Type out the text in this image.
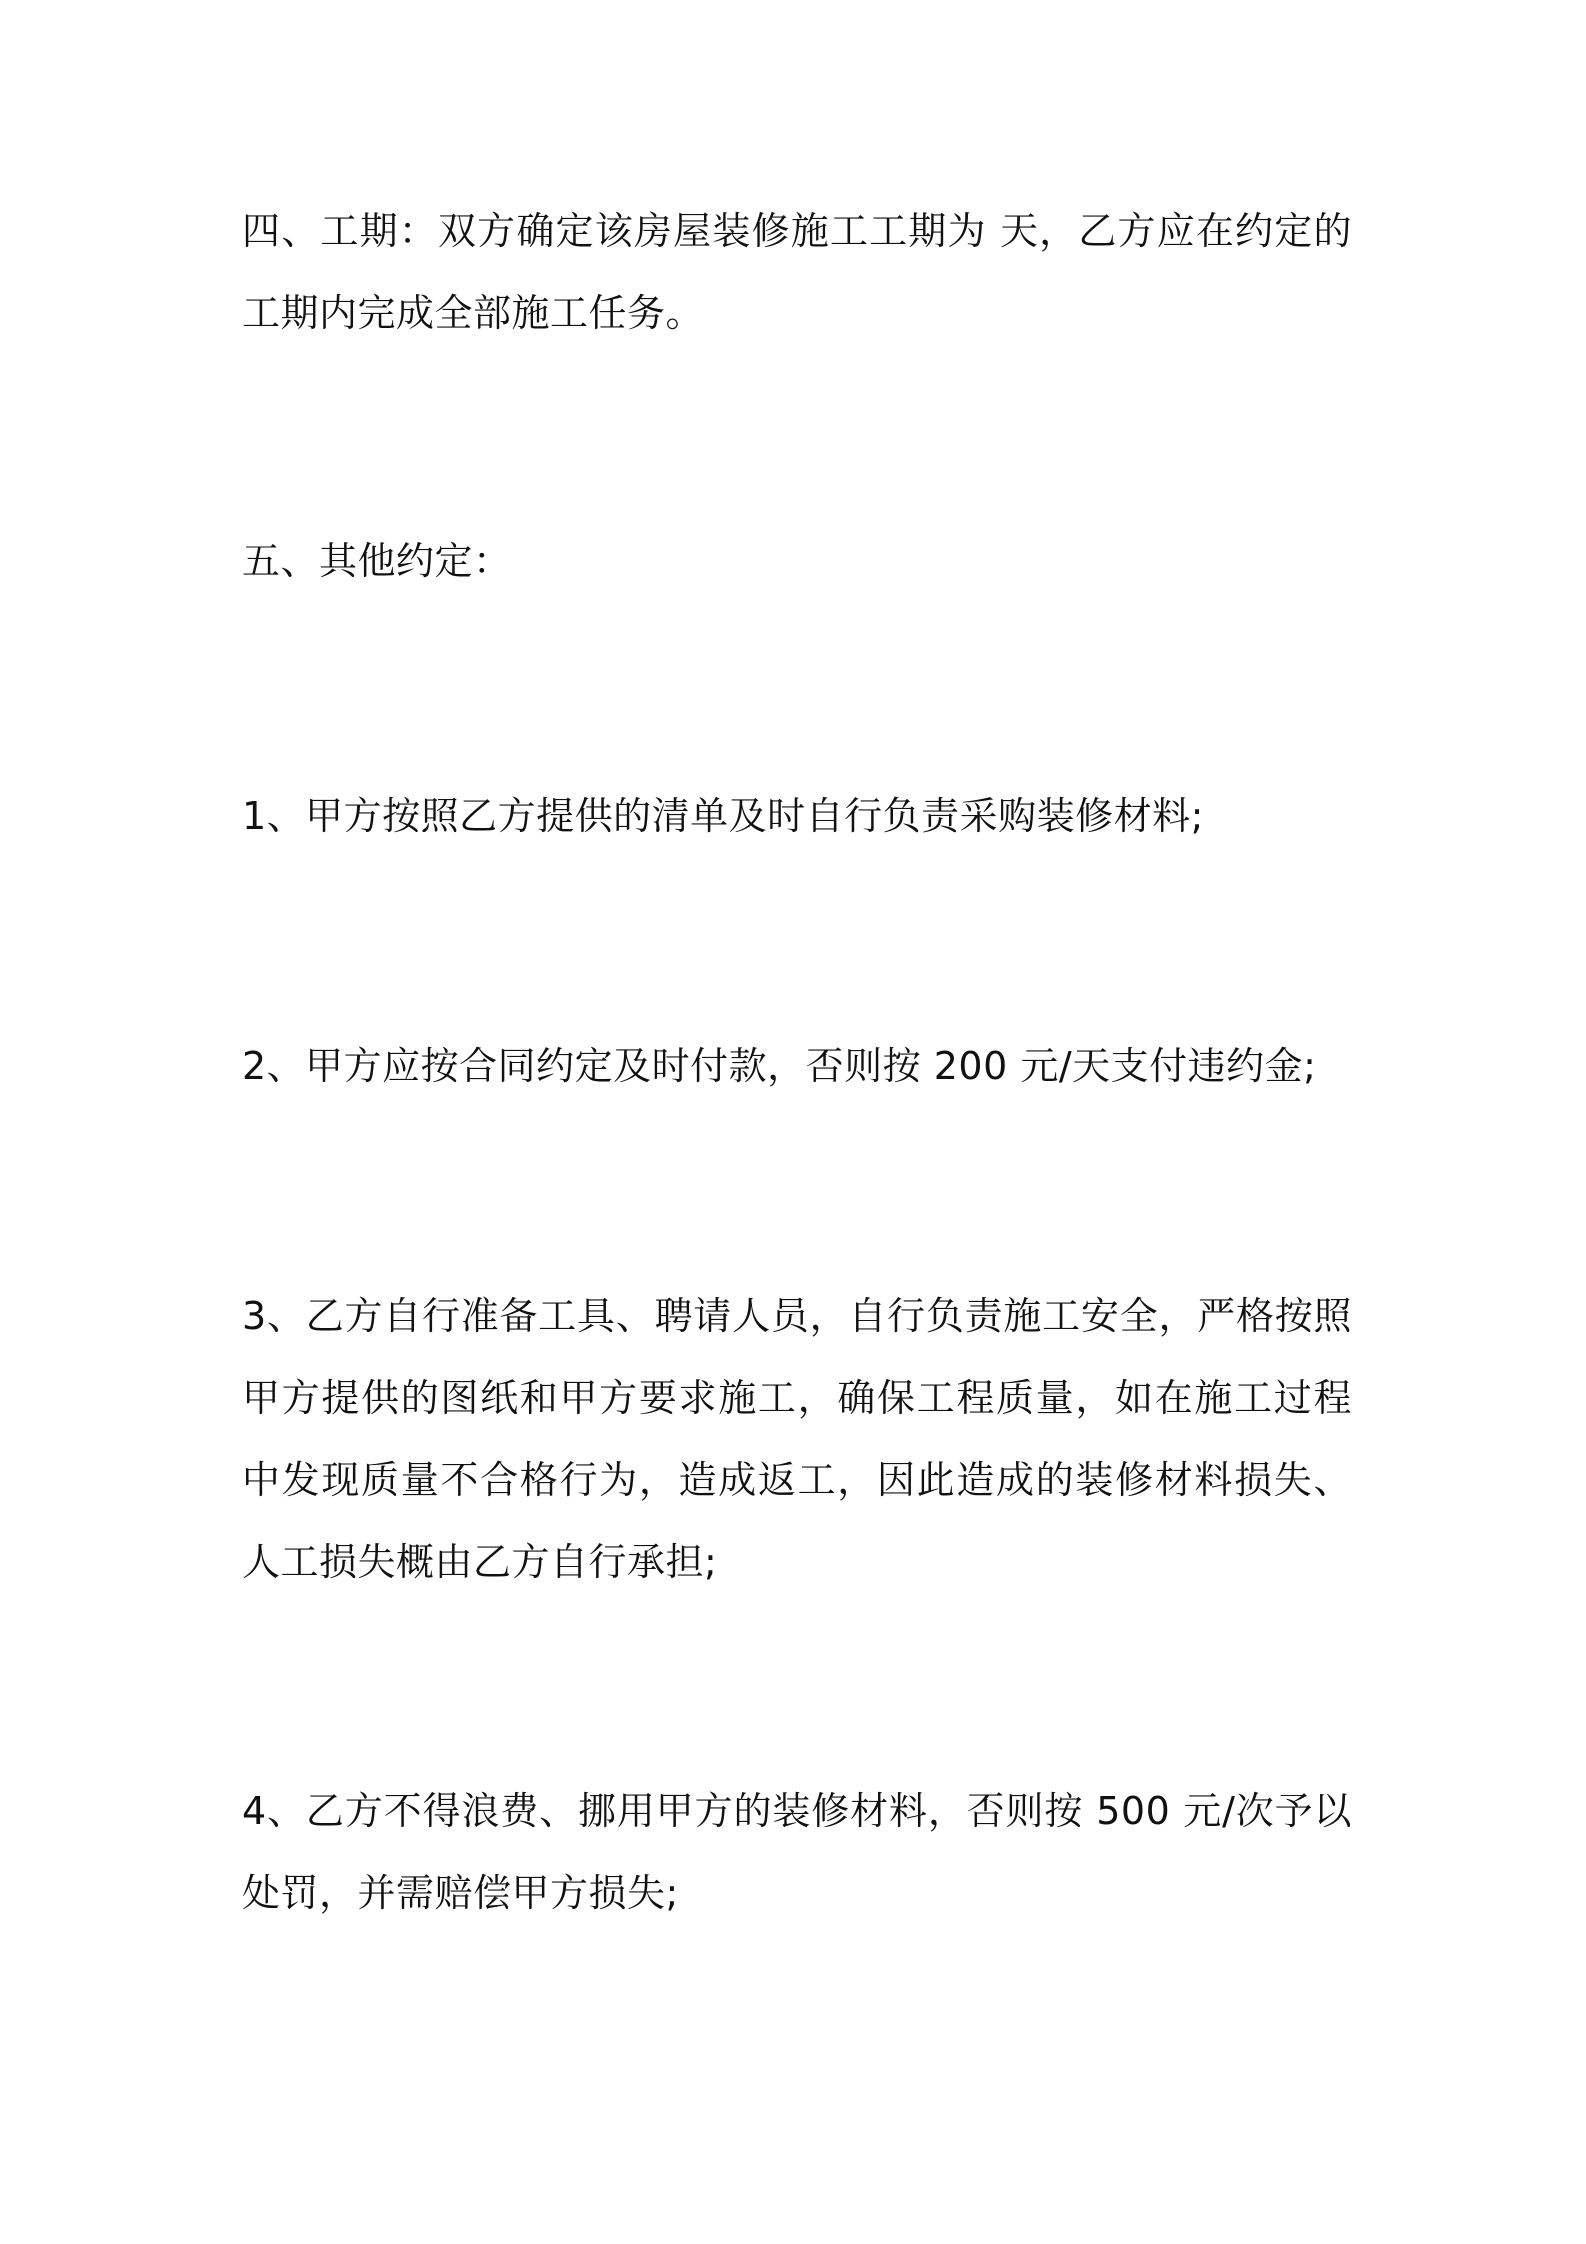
四、工期：双方确定该房屋装修施工工期为 天，乙方应在约定的工期内完成全部施工任务。

五、其他约定：

1、甲方按照乙方提供的清单及时自行负责采购装修材料;

2、甲方应按合同约定及时付款，否则按 200 元/天支付违约金;

3、乙方自行准备工具、聘请人员，自行负责施工安全，严格按照甲方提供的图纸和甲方要求施工，确保工程质量，如在施工过程中发现质量不合格行为，造成返工，因此造成的装修材料损失、人工损失概由乙方自行承担;

4、乙方不得浪费、挪用甲方的装修材料，否则按 500 元/次予以处罚，并需赔偿甲方损失;
